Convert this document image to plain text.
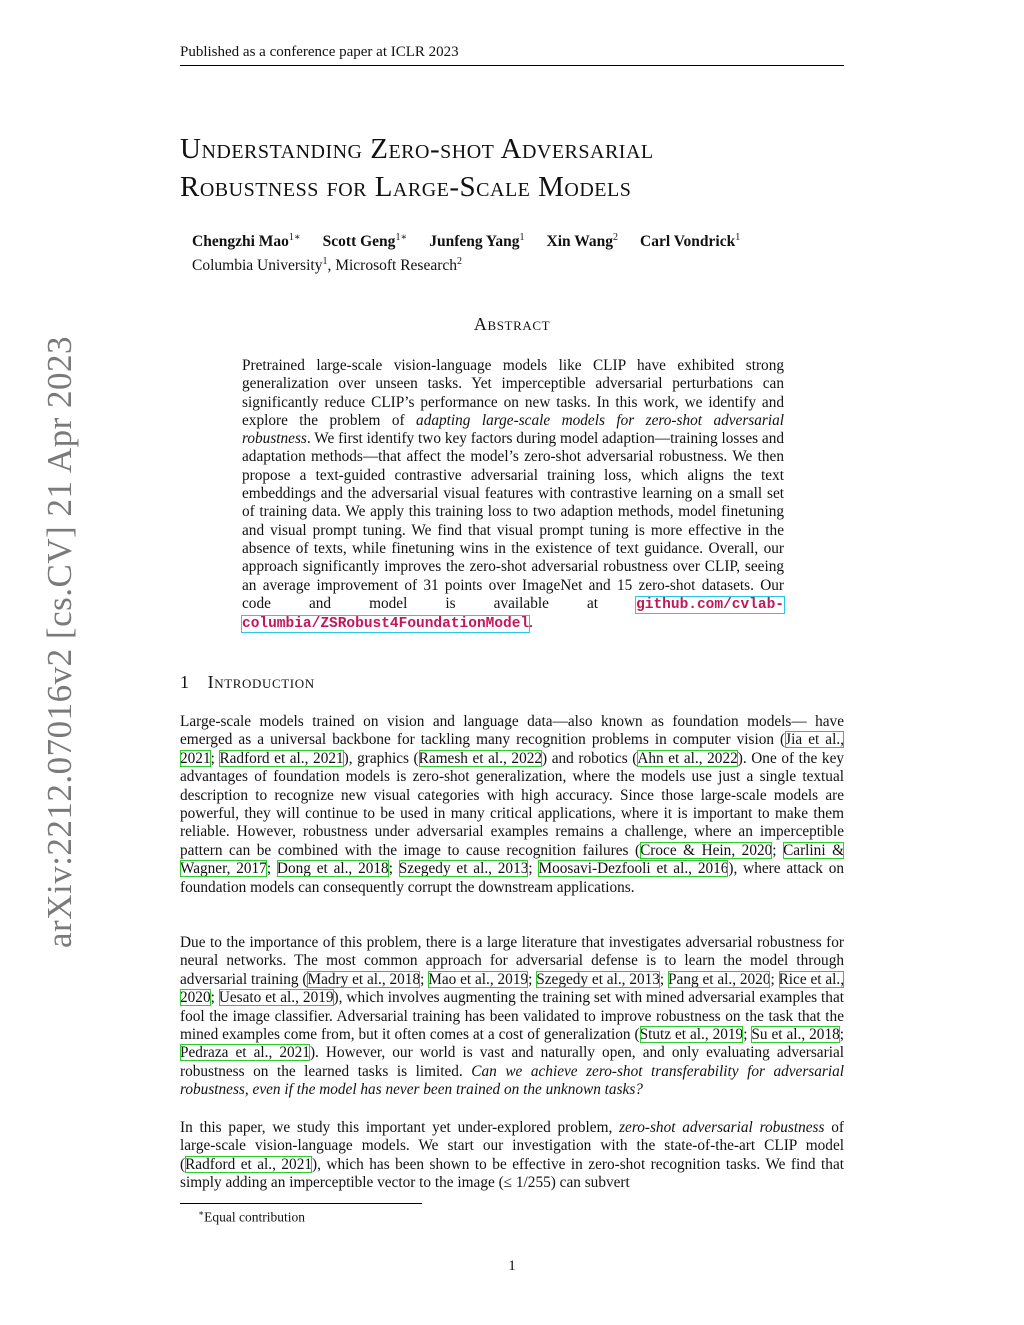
Published as a conference paper at ICLR 2023
arXiv:2212.07016v2 [cs.CV] 21 Apr 2023
Understanding Zero-shot Adversarial
Robustness for Large-Scale Models
Chengzhi Mao$^{1∗}$ Scott Geng$^{1∗}$ Junfeng Yang$^1$ Xin Wang$^2$ Carl Vondrick$^1$
Columbia University$^1$, Microsoft Research$^2$
Abstract
Pretrained large-scale vision-language models like CLIP have exhibited strong generalization over unseen tasks. Yet imperceptible adversarial perturbations can significantly reduce CLIP’s performance on new tasks. In this work, we identify and explore the problem of adapting large-scale models for zero-shot adversarial robustness. We first identify two key factors during model adaption—training losses and adaptation methods—that affect the model’s zero-shot adversarial robustness. We then propose a text-guided contrastive adversarial training loss, which aligns the text embeddings and the adversarial visual features with contrastive learning on a small set of training data. We apply this training loss to two adaption methods, model finetuning and visual prompt tuning. We find that visual prompt tuning is more effective in the absence of texts, while finetuning wins in the existence of text guidance. Overall, our approach significantly improves the zero-shot adversarial robustness over CLIP, seeing an average improvement of 31 points over ImageNet and 15 zero-shot datasets. Our code and model is available at github.com/cvlab-columbia/ZSRobust4FoundationModel.
1 Introduction
Large-scale models trained on vision and language data—also known as foundation models— have emerged as a universal backbone for tackling many recognition problems in computer vision (Jia et al., 2021; Radford et al., 2021), graphics (Ramesh et al., 2022) and robotics (Ahn et al., 2022). One of the key advantages of foundation models is zero-shot generalization, where the models use just a single textual description to recognize new visual categories with high accuracy. Since those large-scale models are powerful, they will continue to be used in many critical applications, where it is important to make them reliable. However, robustness under adversarial examples remains a challenge, where an imperceptible pattern can be combined with the image to cause recognition failures (Croce & Hein, 2020; Carlini & Wagner, 2017; Dong et al., 2018; Szegedy et al., 2013; Moosavi-Dezfooli et al., 2016), where attack on foundation models can consequently corrupt the downstream applications.
Due to the importance of this problem, there is a large literature that investigates adversarial robustness for neural networks. The most common approach for adversarial defense is to learn the model through adversarial training (Madry et al., 2018; Mao et al., 2019; Szegedy et al., 2013; Pang et al., 2020; Rice et al., 2020; Uesato et al., 2019), which involves augmenting the training set with mined adversarial examples that fool the image classifier. Adversarial training has been validated to improve robustness on the task that the mined examples come from, but it often comes at a cost of generalization (Stutz et al., 2019; Su et al., 2018; Pedraza et al., 2021). However, our world is vast and naturally open, and only evaluating adversarial robustness on the learned tasks is limited. Can we achieve zero-shot transferability for adversarial robustness, even if the model has never been trained on the unknown tasks?
In this paper, we study this important yet under-explored problem, zero-shot adversarial robustness of large-scale vision-language models. We start our investigation with the state-of-the-art CLIP model (Radford et al., 2021), which has been shown to be effective in zero-shot recognition tasks. We find that simply adding an imperceptible vector to the image (≤ 1/255) can subvert
∗Equal contribution
1
